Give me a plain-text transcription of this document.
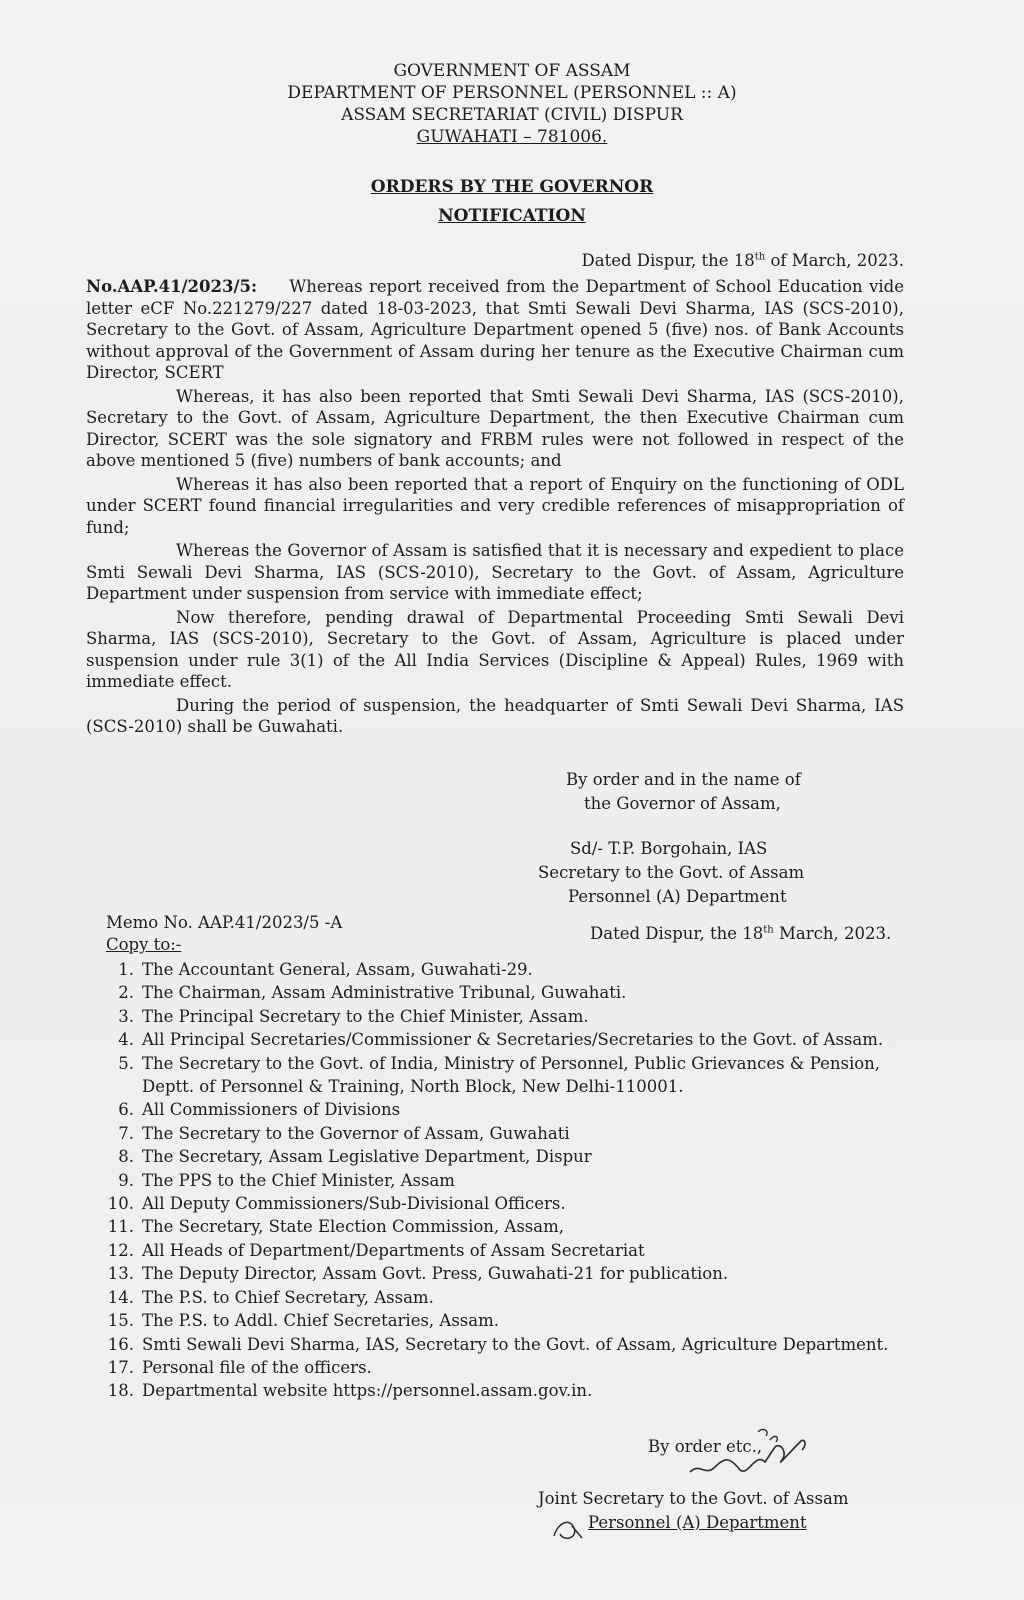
GOVERNMENT OF ASSAM
DEPARTMENT OF PERSONNEL (PERSONNEL :: A)
ASSAM SECRETARIAT (CIVIL) DISPUR
GUWAHATI – 781006.
ORDERS BY THE GOVERNOR
NOTIFICATION
Dated Dispur, the 18th of March, 2023.

No.AAP.41/2023/5: Whereas report received from the Department of School Education vide letter eCF No.221279/227 dated 18-03-2023, that Smti Sewali Devi Sharma, IAS (SCS-2010), Secretary to the Govt. of Assam, Agriculture Department opened 5 (five) nos. of Bank Accounts without approval of the Government of Assam during her tenure as the Executive Chairman cum Director, SCERT

Whereas, it has also been reported that Smti Sewali Devi Sharma, IAS (SCS-2010), Secretary to the Govt. of Assam, Agriculture Department, the then Executive Chairman cum Director, SCERT was the sole signatory and FRBM rules were not followed in respect of the above mentioned 5 (five) numbers of bank accounts; and

Whereas it has also been reported that a report of Enquiry on the functioning of ODL under SCERT found financial irregularities and very credible references of misappropriation of fund;

Whereas the Governor of Assam is satisfied that it is necessary and expedient to place Smti Sewali Devi Sharma, IAS (SCS-2010), Secretary to the Govt. of Assam, Agriculture Department under suspension from service with immediate effect;

Now therefore, pending drawal of Departmental Proceeding Smti Sewali Devi Sharma, IAS (SCS-2010), Secretary to the Govt. of Assam, Agriculture is placed under suspension under rule 3(1) of the All India Services (Discipline & Appeal) Rules, 1969 with immediate effect.

During the period of suspension, the headquarter of Smti Sewali Devi Sharma, IAS (SCS-2010) shall be Guwahati.

By order and in the name of
the Governor of Assam,
Sd/- T.P. Borgohain, IAS
Secretary to the Govt. of Assam
Personnel (A) Department
Memo No. AAP.41/2023/5 -A
Copy to:-
Dated Dispur, the 18th March, 2023.
1. The Accountant General, Assam, Guwahati-29.
2. The Chairman, Assam Administrative Tribunal, Guwahati.
3. The Principal Secretary to the Chief Minister, Assam.
4. All Principal Secretaries/Commissioner & Secretaries/Secretaries to the Govt. of Assam.
5. The Secretary to the Govt. of India, Ministry of Personnel, Public Grievances & Pension, Deptt. of Personnel & Training, North Block, New Delhi-110001.
6. All Commissioners of Divisions
7. The Secretary to the Governor of Assam, Guwahati
8. The Secretary, Assam Legislative Department, Dispur
9. The PPS to the Chief Minister, Assam
10. All Deputy Commissioners/Sub-Divisional Officers.
11. The Secretary, State Election Commission, Assam,
12. All Heads of Department/Departments of Assam Secretariat
13. The Deputy Director, Assam Govt. Press, Guwahati-21 for publication.
14. The P.S. to Chief Secretary, Assam.
15. The P.S. to Addl. Chief Secretaries, Assam.
16. Smti Sewali Devi Sharma, IAS, Secretary to the Govt. of Assam, Agriculture Department.
17. Personal file of the officers.
18. Departmental website https://personnel.assam.gov.in.
By order etc.,
Joint Secretary to the Govt. of Assam
Personnel (A) Department
